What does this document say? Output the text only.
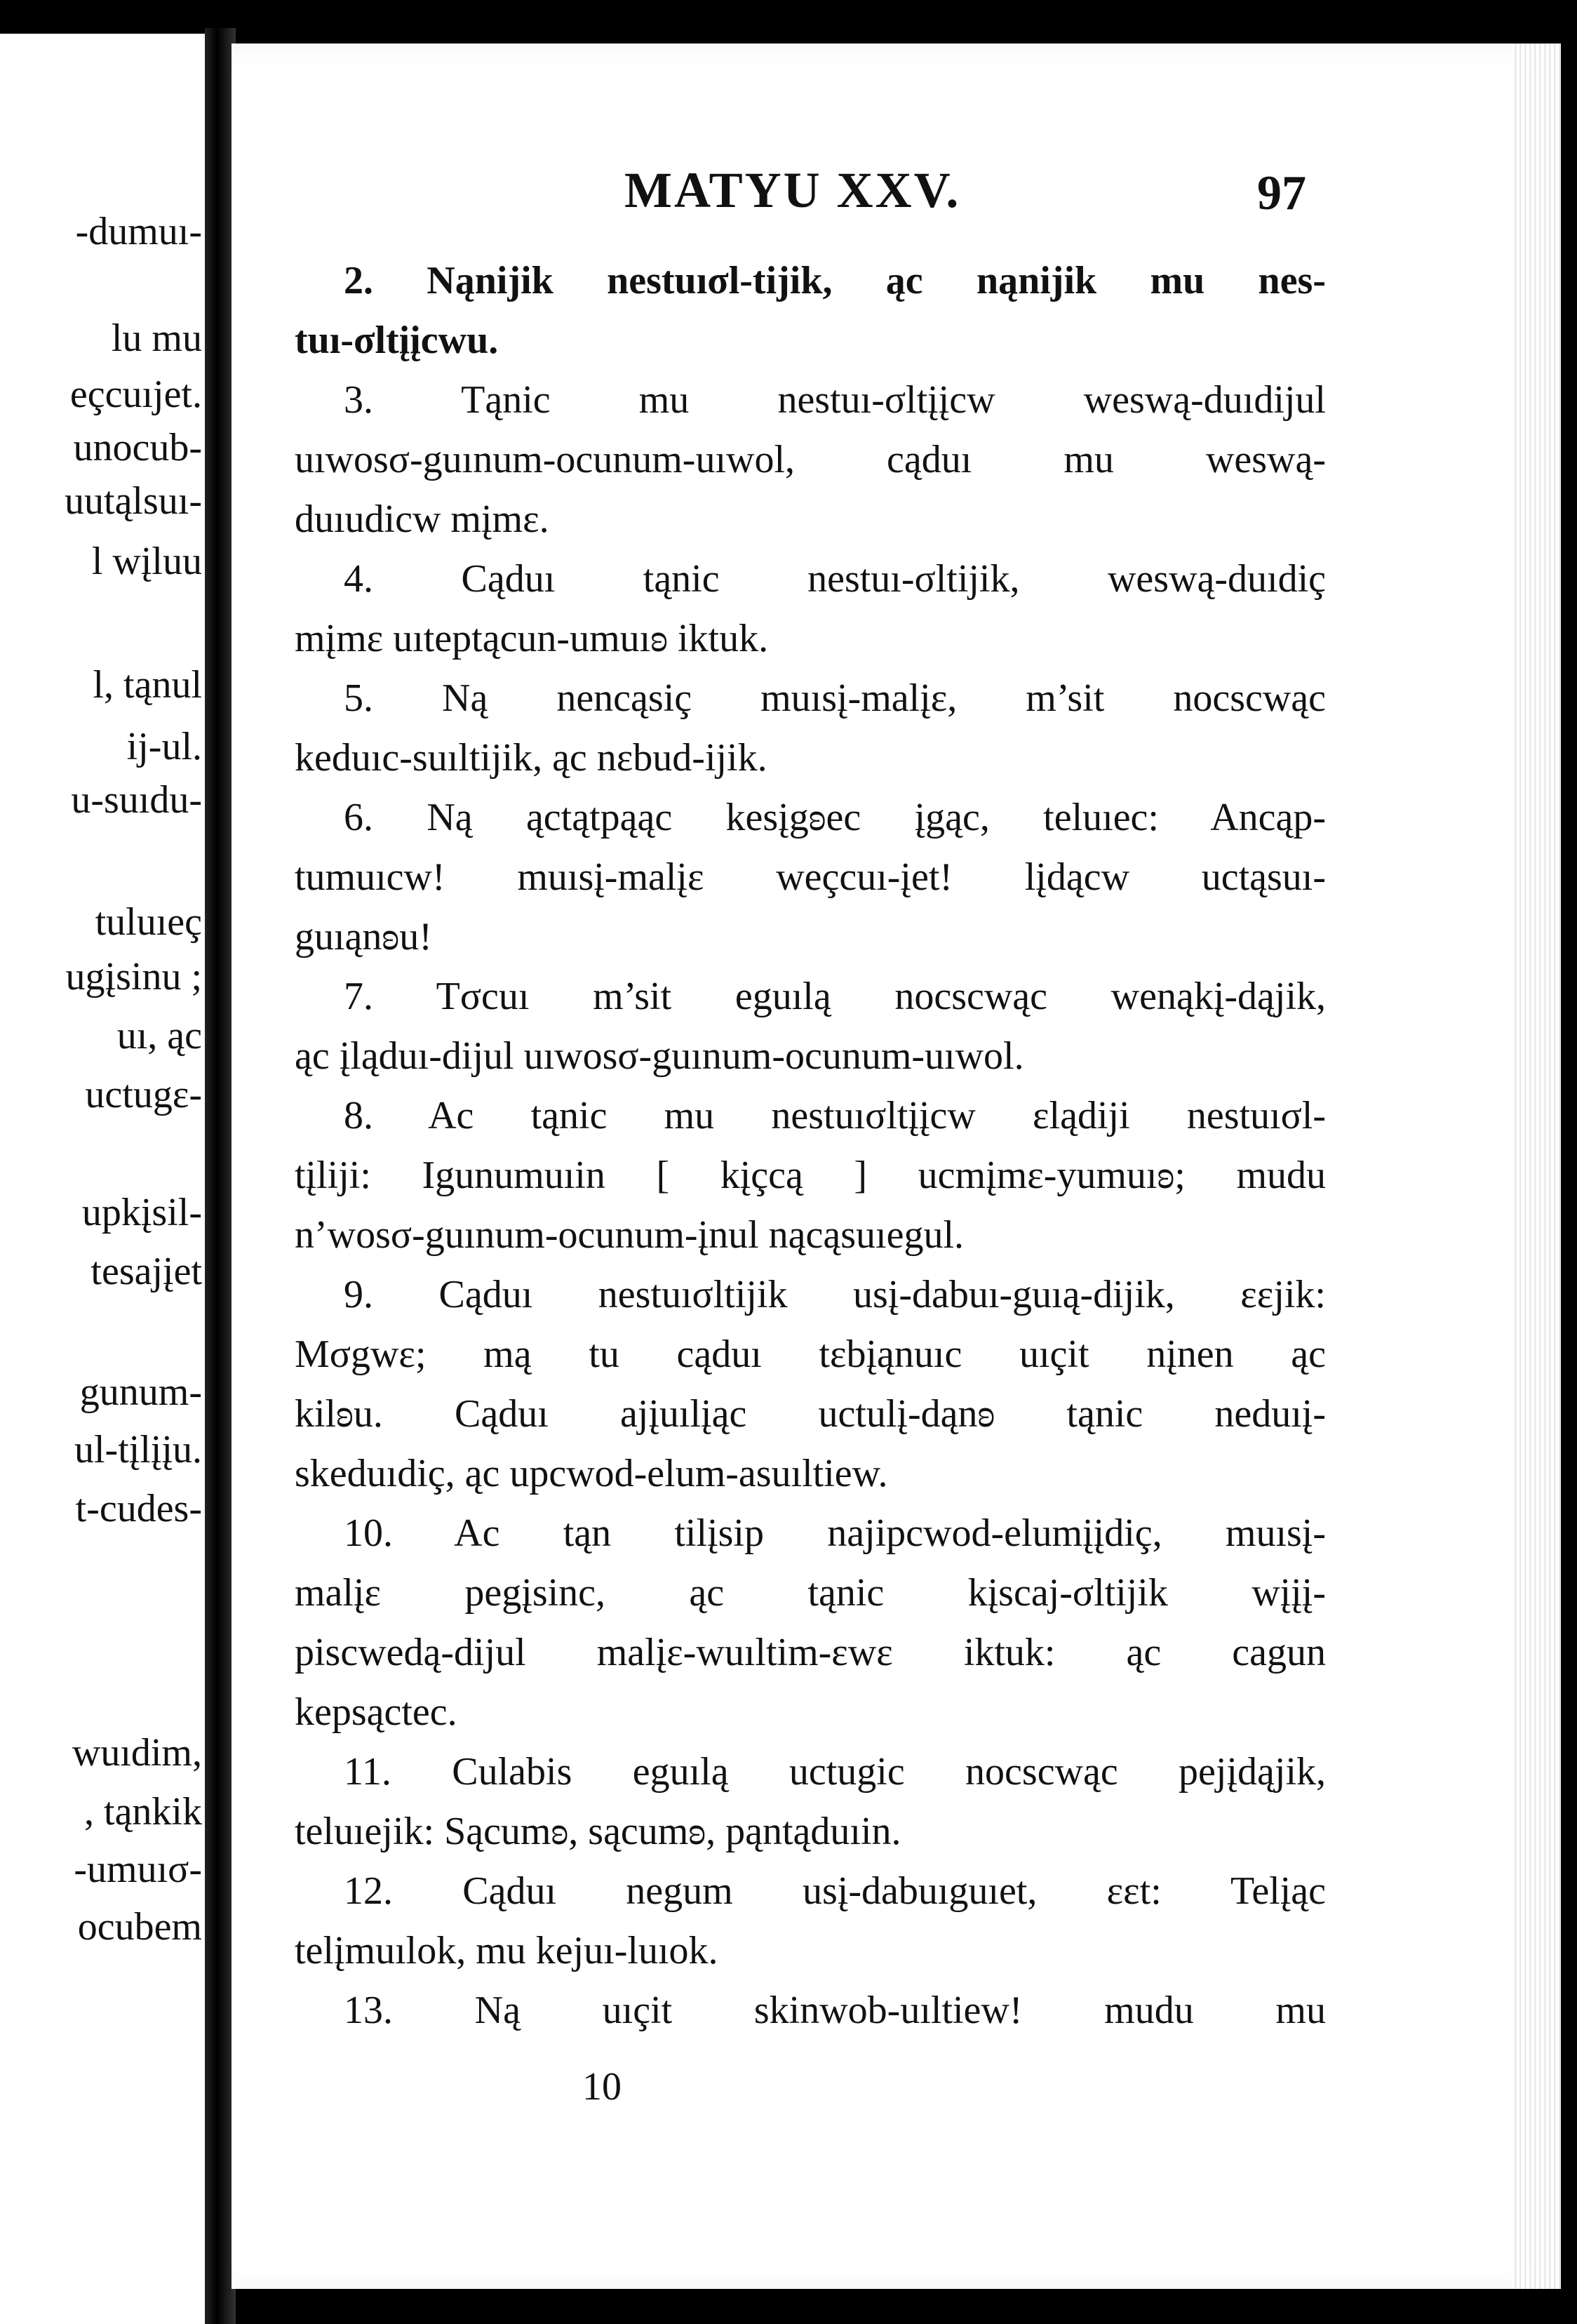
-dumuı-
lu mu
eçcuıjet.
unocub-
uutąlsuı-
l wįluu
l, tąnul
ij-ul.
u-suıdu-
tuluıeç
ugįsinu ;
uı, ąc
uctugε-
upkįsil-
tesajįet
gunum-
ul-tįlįįu.
t-cudes-
wuıdim,
, tąnkik
-umuıσ-
ocubem
MATYU XXV.	97
2. Nąnijik nestuıσl-tijik, ąc nąnijik mu nes-
tuı-σltįįcwu.
3. Tąnic mu nestuı-σltįįcw weswą-duıdijul
uıwosσ-guınum-ocunum-uıwol, cąduı mu weswą-
duıudicw mįmε.
4. Cąduı tąnic nestuı-σltijik, weswą-duıdiç
mįmε uıteptącun-umuıʚ iktuk.
5. Ną nencąsiç muısį-malįε, m’sit nocscwąc
keduıc-suıltijik, ąc nεbud-ijik.
6. Ną ąctątpąąc kesįgʚec įgąc, teluıec: Ancąp-
tumuıcw! muısį-malįε weçcuı-įet! lįdącw uctąsuı-
guıąnʚu!
7. Tσcuı m’sit eguılą nocscwąc wenąkį-dąjik,
ąc įląduı-dijul uıwosσ-guınum-ocunum-uıwol.
8. Ac tąnic mu nestuıσltįįcw εlądiji nestuıσl-
tįliji: Igunumuıin [ kįçcą ] ucmįmε-yumuıʚ; mudu
n’wosσ-guınum-ocunum-įnul nącąsuıegul.
9. Cąduı nestuıσltijik usį-dabuı-guıą-dijik, εεjik:
Mσgwε; mą tu cąduı tεbįąnuıc uıçit nįnen ąc
kilʚu. Cąduı ajįuılįąc uctulį-dąnʚ tąnic neduıį-
skeduıdiç, ąc upcwod-elum-asuıltiew.
10. Ac tąn tilįsip najipcwod-elumįįdiç, muısį-
malįε pegįsinc, ąc tąnic kįscaj-σltijik wįįį-
piscwedą-dijul malįε-wuıltim-εwε iktuk: ąc cagun
kepsąctec.
11. Culabis eguılą uctugic nocscwąc pejįdąjik,
teluıejik: Sącumʚ, sącumʚ, pąntąduıin.
12. Cąduı negum usį-dabuıguıet, εεt: Telįąc
telįmuılok, mu kejuı-luıok.
13. Ną uıçit skinwob-uıltiew! mudu mu
10
